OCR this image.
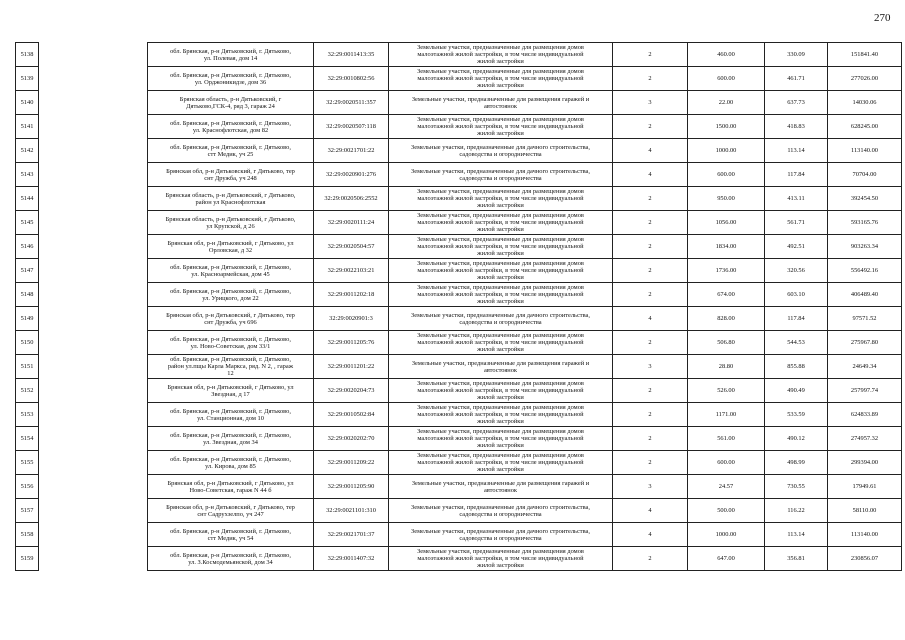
270
5138		обл. Брянская, р-н Дятьковский, г. Дятьково,
ул. Полевая, дом 14	32:29:0011413:35	Земельные участки, предназначенные для размещения домов
малоэтажной жилой застройки, в том числе индивидуальной
жилой застройки	2	460.00	330.09	151841.40
5139		обл. Брянская, р-н Дятьковский, г. Дятьково,
ул. Орджоникидзе, дом 36	32:29:0010802:56	Земельные участки, предназначенные для размещения домов
малоэтажной жилой застройки, в том числе индивидуальной
жилой застройки	2	600.00	461.71	277026.00
5140		Брянская область, р-н Дятьковский, г
Дятьково,ГСК-4, ряд 3, гараж 24	32:29:0020511:357	Земельные участки, предназначенные для размещения гаражей и
автостоянок	3	22.00	637.73	14030.06
5141		обл. Брянская, р-н Дятьковский, г. Дятьково,
ул. Краснофлотская, дом 82	32:29:0020507:118	Земельные участки, предназначенные для размещения домов
малоэтажной жилой застройки, в том числе индивидуальной
жилой застройки	2	1500.00	418.83	628245.00
5142		обл. Брянская, р-н Дятьковский, г. Дятьково,
стт Медик, уч 25	32:29:0021701:22	Земельные участки, предназначенные для дачного строительства,
садоводства и огородничества	4	1000.00	113.14	113140.00
5143		Брянская обл, р-н Дятьковский, г Дятьково, тер
снт Дружба, уч 248	32:29:0020901:276	Земельные участки, предназначенные для дачного строительства,
садоводства и огородничества	4	600.00	117.84	70704.00
5144		Брянская область, р-н Дятьковский, г Дятьково,
район ул Краснофлотская	32:29:0020506:2552	Земельные участки, предназначенные для размещения домов
малоэтажной жилой застройки, в том числе индивидуальной
жилой застройки	2	950.00	413.11	392454.50
5145		Брянская область, р-н Дятьковский, г Дятьково,
ул Крупской, д 26	32:29:0020111:24	Земельные участки, предназначенные для размещения домов
малоэтажной жилой застройки, в том числе индивидуальной
жилой застройки	2	1056.00	561.71	593165.76
5146		Брянская обл, р-н Дятьковский, г Дятьково, ул
Орловская, д 32	32:29:0020504:57	Земельные участки, предназначенные для размещения домов
малоэтажной жилой застройки, в том числе индивидуальной
жилой застройки	2	1834.00	492.51	903263.34
5147		обл. Брянская, р-н Дятьковский, г. Дятьково,
ул. Красноармейская, дом 45	32:29:0022103:21	Земельные участки, предназначенные для размещения домов
малоэтажной жилой застройки, в том числе индивидуальной
жилой застройки	2	1736.00	320.56	556492.16
5148		обл. Брянская, р-н Дятьковский, г. Дятьково,
ул. Урицкого, дом 22	32:29:0011202:18	Земельные участки, предназначенные для размещения домов
малоэтажной жилой застройки, в том числе индивидуальной
жилой застройки	2	674.00	603.10	406489.40
5149		Брянская обл, р-н Дятьковский, г Дятьково, тер
снт Дружба, уч 696	32:29:0020901:3	Земельные участки, предназначенные для дачного строительства,
садоводства и огородничества	4	828.00	117.84	97571.52
5150		обл. Брянская, р-н Дятьковский, г. Дятьково,
ул. Ново-Советская, дом 33/1	32:29:0011205:76	Земельные участки, предназначенные для размещения домов
малоэтажной жилой застройки, в том числе индивидуальной
жилой застройки	2	506.80	544.53	275967.80
5151		обл. Брянская, р-н Дятьковский, г. Дятьково,
район ул.пщы Карла Маркса, ряд. N 2, , гараж
12	32:29:0011201:22	Земельные участки, предназначенные для размещения гаражей и
автостоянок	3	28.80	855.88	24649.34
5152		Брянская обл, р-н Дятьковский, г Дятьково, ул
Звездная, д 17	32:29:0020204:73	Земельные участки, предназначенные для размещения домов
малоэтажной жилой застройки, в том числе индивидуальной
жилой застройки	2	526.00	490.49	257997.74
5153		обл. Брянская, р-н Дятьковский, г. Дятьково,
ул. Станционная, дом 10	32:29:0010502:84	Земельные участки, предназначенные для размещения домов
малоэтажной жилой застройки, в том числе индивидуальной
жилой застройки	2	1171.00	533.59	624833.89
5154		обл. Брянская, р-н Дятьковский, г. Дятьково,
ул. Звездная, дом 34	32:29:0020202:70	Земельные участки, предназначенные для размещения домов
малоэтажной жилой застройки, в том числе индивидуальной
жилой застройки	2	561.00	490.12	274957.32
5155		обл. Брянская, р-н Дятьковский, г. Дятьково,
ул. Кирова, дом 85	32:29:0011209:22	Земельные участки, предназначенные для размещения домов
малоэтажной жилой застройки, в том числе индивидуальной
жилой застройки	2	600.00	498.99	299394.00
5156		Брянская обл, р-н Дятьковский, г Дятьково, ул
Ново-Советская, гараж N 44 б	32:29:0011205:90	Земельные участки, предназначенные для размещения гаражей и
автостоянок	3	24.57	730.55	17949.61
5157		Брянская обл, р-н Дятьковский, г Дятьково, тер
снт Садрухзелпо, уч 247	32:29:0021101:310	Земельные участки, предназначенные для дачного строительства,
садоводства и огородничества	4	500.00	116.22	58110.00
5158		обл. Брянская, р-н Дятьковский, г. Дятьково,
стт Медик, уч 54	32:29:0021701:37	Земельные участки, предназначенные для дачного строительства,
садоводства и огородничества	4	1000.00	113.14	113140.00
5159		обл. Брянская, р-н Дятьковский, г. Дятьково,
ул. З.Космодемьянской, дом 34	32:29:0011407:32	Земельные участки, предназначенные для размещения домов
малоэтажной жилой застройки, в том числе индивидуальной
жилой застройки	2	647.00	356.81	230856.07
